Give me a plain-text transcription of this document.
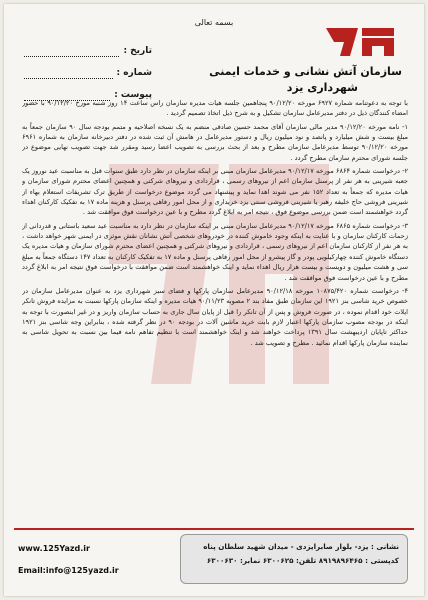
بسمه تعالی
سازمان آتش نشانی و خدمات ایمنی
شهرداری یزد
تاریخ :
شماره :
پیوست :

با توجه به دعوتنامه شماره ۶۹۲۷ مورخه ۹۰/۱۲/۲۰ پنجاهمین جلسه هیات مدیره سازمان راس ساعت ۱۴ روز شنبه مورخ ۹۰/۱۲/۲۰ با حضور امضاء کنندگان ذیل در دفتر مدیرعامل سازمان تشکیل و به شرح ذیل اتخاذ تصمیم گردید .

۱- نامه مورخه ۹۰/۱۲/۲۰ مدیر مالی سازمان آقای محمد حسین صادقی منضم به یک نسخه اصلاحیه و متمم بودجه سال ۹۰ سازمان جمعاً به مبلغ بیست و شش میلیارد و پانصد و نود میلیون ریال و دستور مدیرعامل در هامش آن ثبت شده در دفتر دبیرخانه سازمان به شماره ۶۹۶۱ مورخه ۹۰/۱۲/۲۰ توسط مدیرعامل سازمان مطرح و بعد از بحث بررسی به تصویب اعضا رسید ومقرر شد جهت تصویب نهایی موضوع در جلسه شورای محترم سازمان مطرح گردد .

۲- درخواست شماره ۶۸۶۴ مورخه ۹۰/۱۲/۱۷ مدیرعامل سازمان مبنی بر اینکه سازمان در نظر دارد طبق سنوات قبل به مناسبت عید نوروز یک جعبه شیرینی به هر نفر از پرسنل سازمان اعم از نیروهای رسمی ، قراردادی و نیروهای شرکتی و همچنین اعضای محترم شورای سازمان و هیات مدیره که جمعاً به تعداد ۱۵۲ نفر می شوند اهدا نماید و پیشنهاد می گردد موضوع درخواست از طریق ترک تشریفات استعلام بهاء از شیرینی فروشی حاج خلیفه رهبر یا شیرینی فروشی سنتی یزد خریداری و از محل امور رفاهی پرسنل و هزینه ماده ۱۷ به تفکیک کارکنان اهداء گردد خواهشمند است ضمن بررسی موضوع فوق ، نتیجه امر به ابلاغ گردد مطرح و با عین درخواست فوق موافقت شد .

۳- درخواست شماره ۶۸۶۵ مورخه ۹۰/۱۲/۱۷ مدیرعامل سازمان مبنی بر اینکه سازمان در نظر دارد به مناسبت عید سعید باستانی و قدردانی از زحمات کارکنان سازمان و با عنایت به اینکه وجود خاموش کننده در خودروهای شخصی آتش نشانان نقش موثری در ایمنی شهر خواهد داشت ، به هر نفر از کارکنان سازمان اعم از نیروهای رسمی ، قراردادی و نیروهای شرکتی و همچنین اعضای محترم شورای سازمان و هیات مدیره یک دستگاه خاموش کننده چهارکیلویی پودر و گاز پیشرو از محل امور رفاهی پرسنل و ماده ۱۷ به تفکیک کارکنان به تعداد ۱۴۷ دستگاه جمعاً به مبلغ سی و هشت میلیون و دویست و بیست هزار ریال اهداء نماید و اینک خواهشمند است ضمن موافقت با درخواست فوق نتیجه امر به ابلاغ گردد مطرح و با عین درخواست فوق موافقت شد .

۴- درخواست شماره ۱۰۸۷۵/۴۲۰ مورخه ۹۰/۱۲/۱۸ مدیرعامل سازمان پارکها و فضای سبز شهرداری یزد به عنوان مدیرعامل سازمان در خصوص خرید شاسی بنز ۱۹۲۱ این سازمان طبق مفاد بند ۲ مصوبه ۹۰/۱۱/۲۳ هیات مدیره و اینکه سازمان پارکها نسبت به مزایده فروش تانکر ایلات خود اقدام نموده ، در صورت فروش و پس از آن تانکر را قبل از پایان سال جاری به حساب سازمان واریز و در غیر اینصورت با توجه به اینکه در بودجه مصوب سازمان پارکها اعتبار لازم بابت خرید ماشین آلات در بودجه ۹۰ در نظر گرفته شده ، بنابراین وجه شاسی بنز ۱۹۲۱ حداکثر تاپایان اردیبهشت سال ۱۳۹۱ پرداخت خواهند شد و اینک خواهشمند است با تنظیم تفاهم نامه فیما بین نسبت به تحویل شاسی به نماینده سازمان پارکها اقدام نمائید . مطرح و تصویب شد .

www.125Yazd.ir
Email:info@125yazd.ir
نشانی : یزد- بلوار صابرایزدی - میدان شهید سلطان پناه
کدپستی : ۸۹۱۹۸۹۶۴۶۵ تلفن: ۶۳۰۰۶۲۵ نمابر: ۶۳۰۰۶۳۰
